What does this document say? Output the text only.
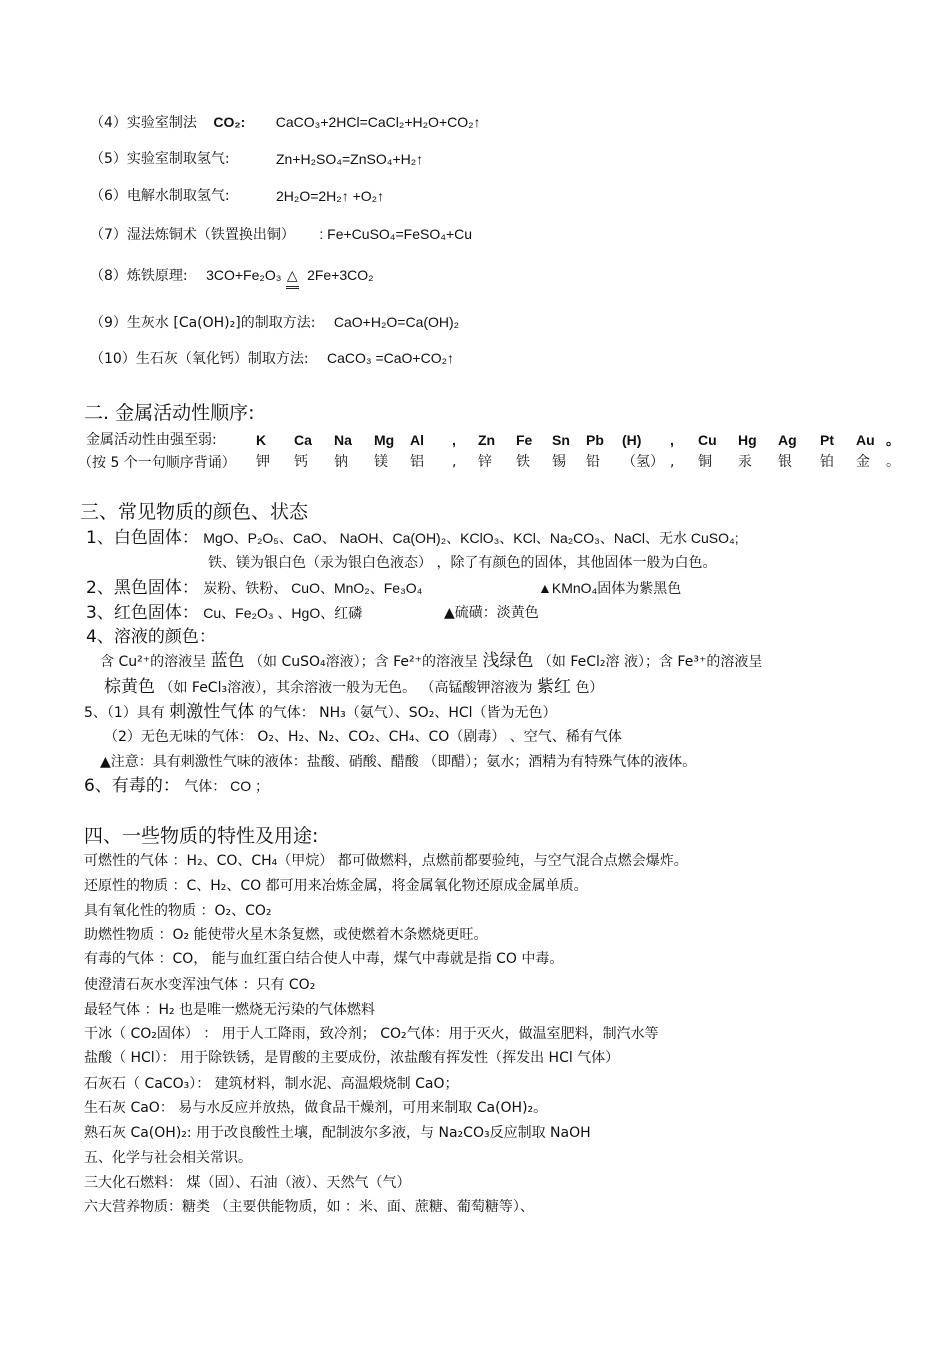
（4）实验室制法 CO₂: CaCO₃+2HCl=CaCl₂+H₂O+CO₂↑
（5）实验室制取氢气:	Zn+H₂SO₄=ZnSO₄+H₂↑
（6）电解水制取氢气:	2H₂O=2H₂↑ +O₂↑
（7）湿法炼铜术（铁置换出铜） : Fe+CuSO₄=FeSO₄+Cu
（8）炼铁原理: 3CO+Fe₂O₃ △ 2Fe+3CO₂
（9）生灰水 [Ca(OH)₂]的制取方法: CaO+H₂O=Ca(OH)₂
（10）生石灰（氧化钙）制取方法: CaCO₃ =CaO+CO₂↑
二. 金属活动性顺序:
金属活动性由强至弱:
（按 5 个一句顺序背诵）
K	Ca	Na	Mg	Al	,	Zn	Fe	Sn	Pb	(H)	,	Cu	Hg	Ag	Pt	Au	。
钾	钙	钠	镁	铝	,	锌	铁	锡	铅	（氢）	,	铜	汞	银	铂	金	。
三、常见物质的颜色、状态
1、白色固体： MgO、P₂O₅、CaO、 NaOH、Ca(OH)₂、KClO₃、KCl、Na₂CO₃、NaCl、无水 CuSO₄;
铁、镁为银白色（汞为银白色液态） ，除了有颜色的固体，其他固体一般为白色。
2、黑色固体： 炭粉、铁粉、 CuO、MnO₂、Fe₃O₄	▲KMnO₄固体为紫黑色
3、红色固体： Cu、Fe₂O₃ 、HgO、红磷	▲硫磺：淡黄色
4、溶液的颜色：
含 Cu²⁺的溶液呈 蓝色 （如 CuSO₄溶液）；含 Fe²⁺的溶液呈 浅绿色 （如 FeCl₂溶 液）；含 Fe³⁺的溶液呈
棕黄色 （如 FeCl₃溶液），其余溶液一般为无色。 （高锰酸钾溶液为 紫红 色）
5、（1）具有 刺激性气体 的气体： NH₃（氨气）、SO₂、HCl（皆为无色）
（2）无色无味的气体： O₂、H₂、N₂、CO₂、CH₄、CO（剧毒） 、空气、稀有气体
▲注意：具有刺激性气味的液体：盐酸、硝酸、醋酸 （即醋）；氨水；酒精为有特殊气体的液体。
6、有毒的： 气体： CO ；
四、一些物质的特性及用途:
可燃性的气体 ：H₂、CO、CH₄（甲烷） 都可做燃料，点燃前都要验纯，与空气混合点燃会爆炸。
还原性的物质 ：C、H₂、CO 都可用来冶炼金属，将金属氧化物还原成金属单质。
具有氧化性的物质 ：O₂、CO₂
助燃性物质 ：O₂ 能使带火星木条复燃，或使燃着木条燃烧更旺。
有毒的气体 ：CO， 能与血红蛋白结合使人中毒，煤气中毒就是指 CO 中毒。
使澄清石灰水变浑浊气体 ：只有 CO₂
最轻气体 ：H₂ 也是唯一燃烧无污染的气体燃料
干冰（ CO₂固体） ： 用于人工降雨，致冷剂； CO₂气体：用于灭火，做温室肥料，制汽水等
盐酸（ HCl）： 用于除铁锈，是胃酸的主要成份，浓盐酸有挥发性（挥发出 HCl 气体）
石灰石（ CaCO₃）： 建筑材料，制水泥、高温煅烧制 CaO；
生石灰 CaO： 易与水反应并放热，做食品干燥剂，可用来制取 Ca(OH)₂。
熟石灰 Ca(OH)₂: 用于改良酸性土壤，配制波尔多液，与 Na₂CO₃反应制取 NaOH
五、化学与社会相关常识。
三大化石燃料： 煤（固）、石油（液）、天然气（气）
六大营养物质：糖类 （主要供能物质，如 ：米、面、蔗糖、葡萄糖等）、
